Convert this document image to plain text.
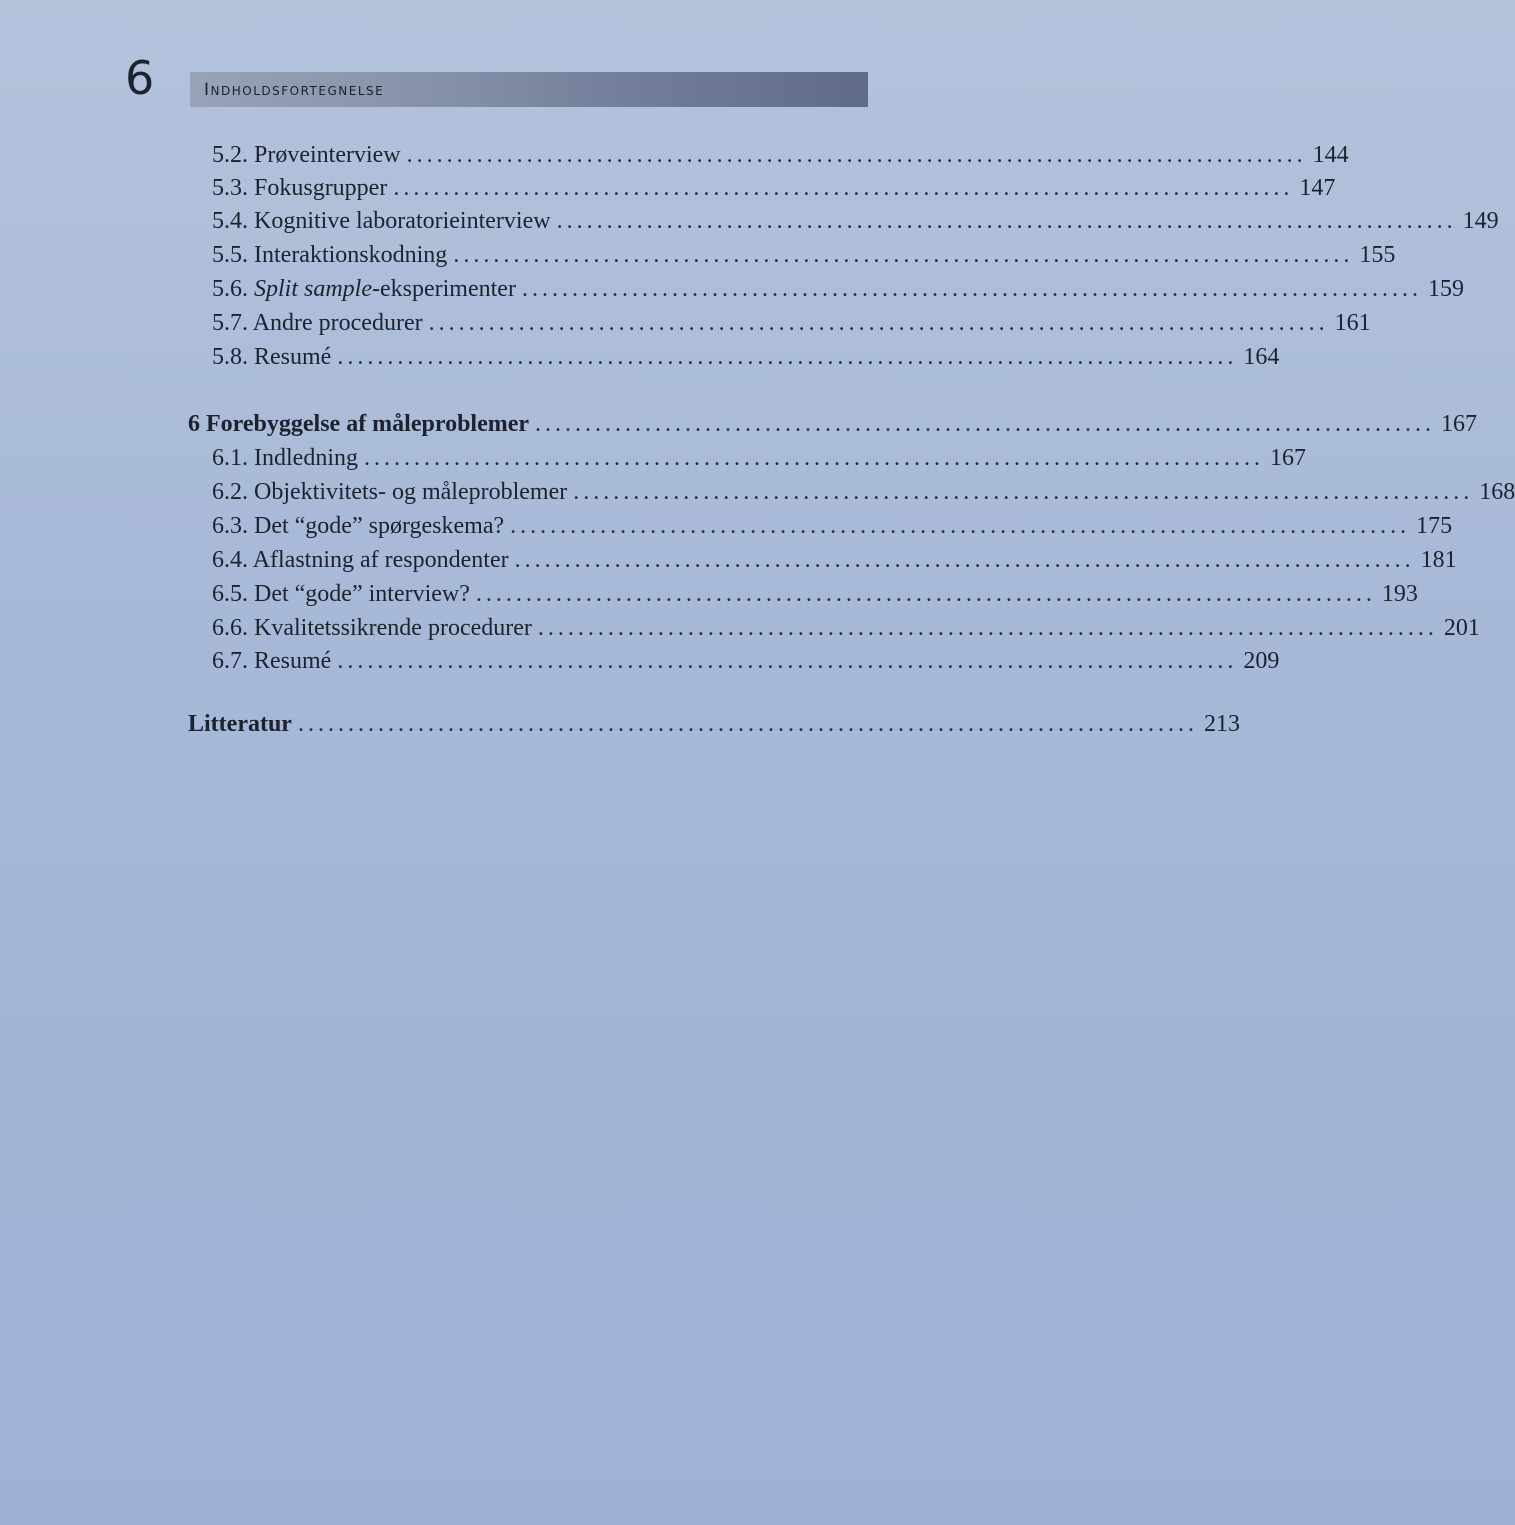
6	Indholdsfortegnelse
5.2. Prøveinterview .......................................................................................... 144
5.3. Fokusgrupper .......................................................................................... 147
5.4. Kognitive laboratorieinterview .......................................................................................... 149
5.5. Interaktionskodning .......................................................................................... 155
5.6. Split sample-eksperimenter .......................................................................................... 159
5.7. Andre procedurer .......................................................................................... 161
5.8. Resumé .......................................................................................... 164
6 Forebyggelse af måleproblemer .......................................................................................... 167
6.1. Indledning .......................................................................................... 167
6.2. Objektivitets- og måleproblemer .......................................................................................... 168
6.3. Det “gode” spørgeskema? .......................................................................................... 175
6.4. Aflastning af respondenter .......................................................................................... 181
6.5. Det “gode” interview? .......................................................................................... 193
6.6. Kvalitetssikrende procedurer .......................................................................................... 201
6.7. Resumé .......................................................................................... 209
Litteratur .......................................................................................... 213
